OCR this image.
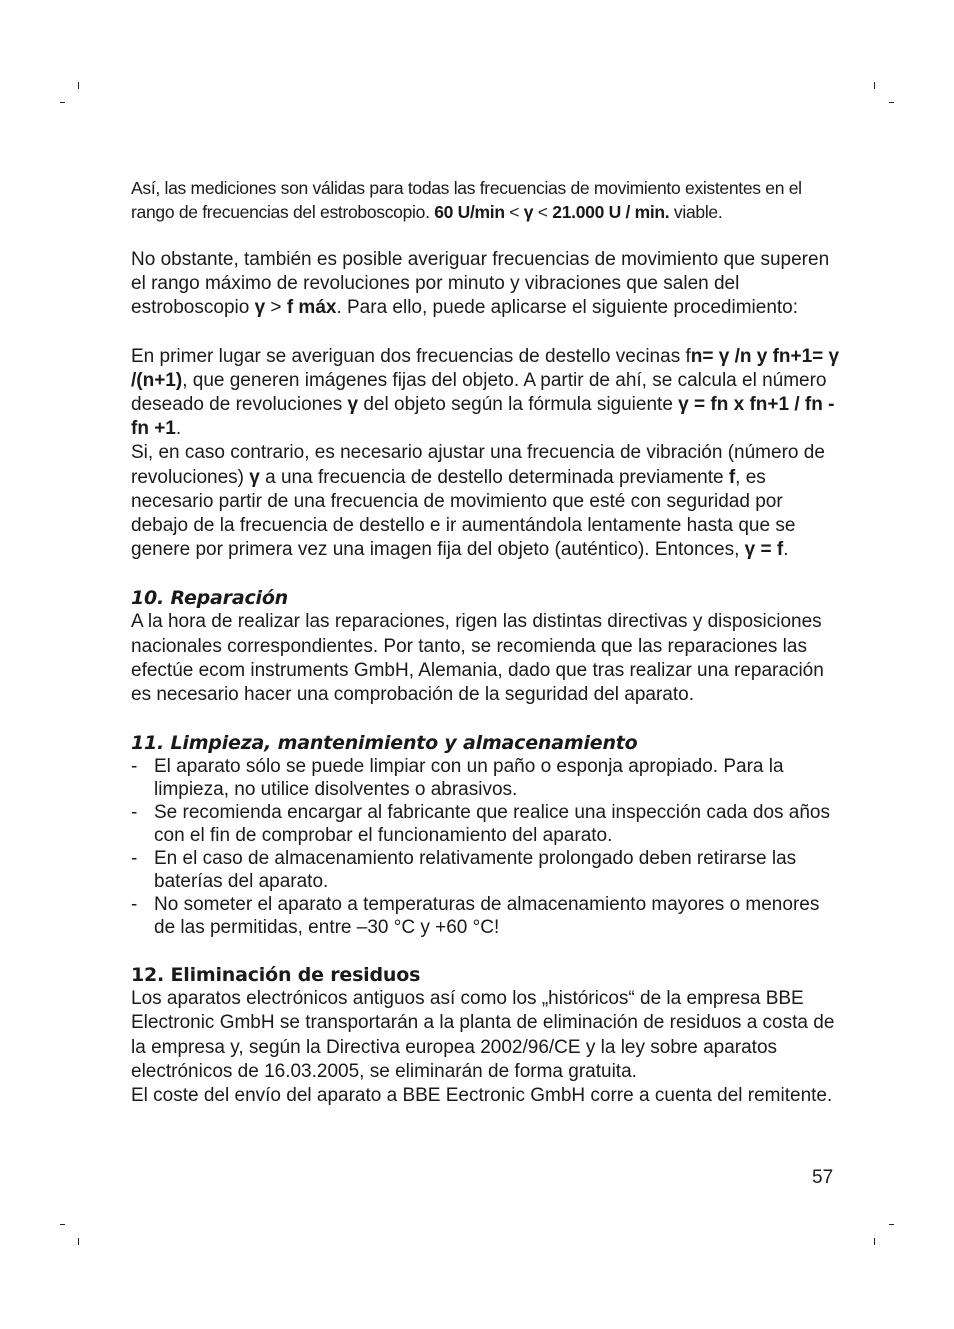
Así, las mediciones son válidas para todas las frecuencias de movimiento existentes en el rango de frecuencias del estroboscopio. 60 U/min < γ < 21.000 U / min. viable.

No obstante, también es posible averiguar frecuencias de movimiento que superen el rango máximo de revoluciones por minuto y vibraciones que salen del estroboscopio γ > f máx. Para ello, puede aplicarse el siguiente procedimiento:

En primer lugar se averiguan dos frecuencias de destello vecinas fn= γ /n y fn+1= γ /(n+1), que generen imágenes fijas del objeto. A partir de ahí, se calcula el número deseado de revoluciones γ del objeto según la fórmula siguiente γ = fn x fn+1 / fn - fn +1.

Si, en caso contrario, es necesario ajustar una frecuencia de vibración (número de revoluciones) γ a una frecuencia de destello determinada previamente f, es necesario partir de una frecuencia de movimiento que esté con seguridad por debajo de la frecuencia de destello e ir aumentándola lentamente hasta que se genere por primera vez una imagen fija del objeto (auténtico). Entonces, γ = f.

10. Reparación

A la hora de realizar las reparaciones, rigen las distintas directivas y disposiciones nacionales correspondientes. Por tanto, se recomienda que las reparaciones las efectúe ecom instruments GmbH, Alemania, dado que tras realizar una reparación es necesario hacer una comprobación de la seguridad del aparato.

11. Limpieza, mantenimiento y almacenamiento
- El aparato sólo se puede limpiar con un paño o esponja apropiado. Para la limpieza, no utilice disolventes o abrasivos.
- Se recomienda encargar al fabricante que realice una inspección cada dos años con el fin de comprobar el funcionamiento del aparato.
- En el caso de almacenamiento relativamente prolongado deben retirarse las baterías del aparato.
- No someter el aparato a temperaturas de almacenamiento mayores o menores de las permitidas, entre –30 °C y +60 °C!
12. Eliminación de residuos

Los aparatos electrónicos antiguos así como los „históricos“ de la empresa BBE Electronic GmbH se transportarán a la planta de eliminación de residuos a costa de la empresa y, según la Directiva europea 2002/96/CE y la ley sobre aparatos electrónicos de 16.03.2005, se eliminarán de forma gratuita.

El coste del envío del aparato a BBE Eectronic GmbH corre a cuenta del remitente.

57
